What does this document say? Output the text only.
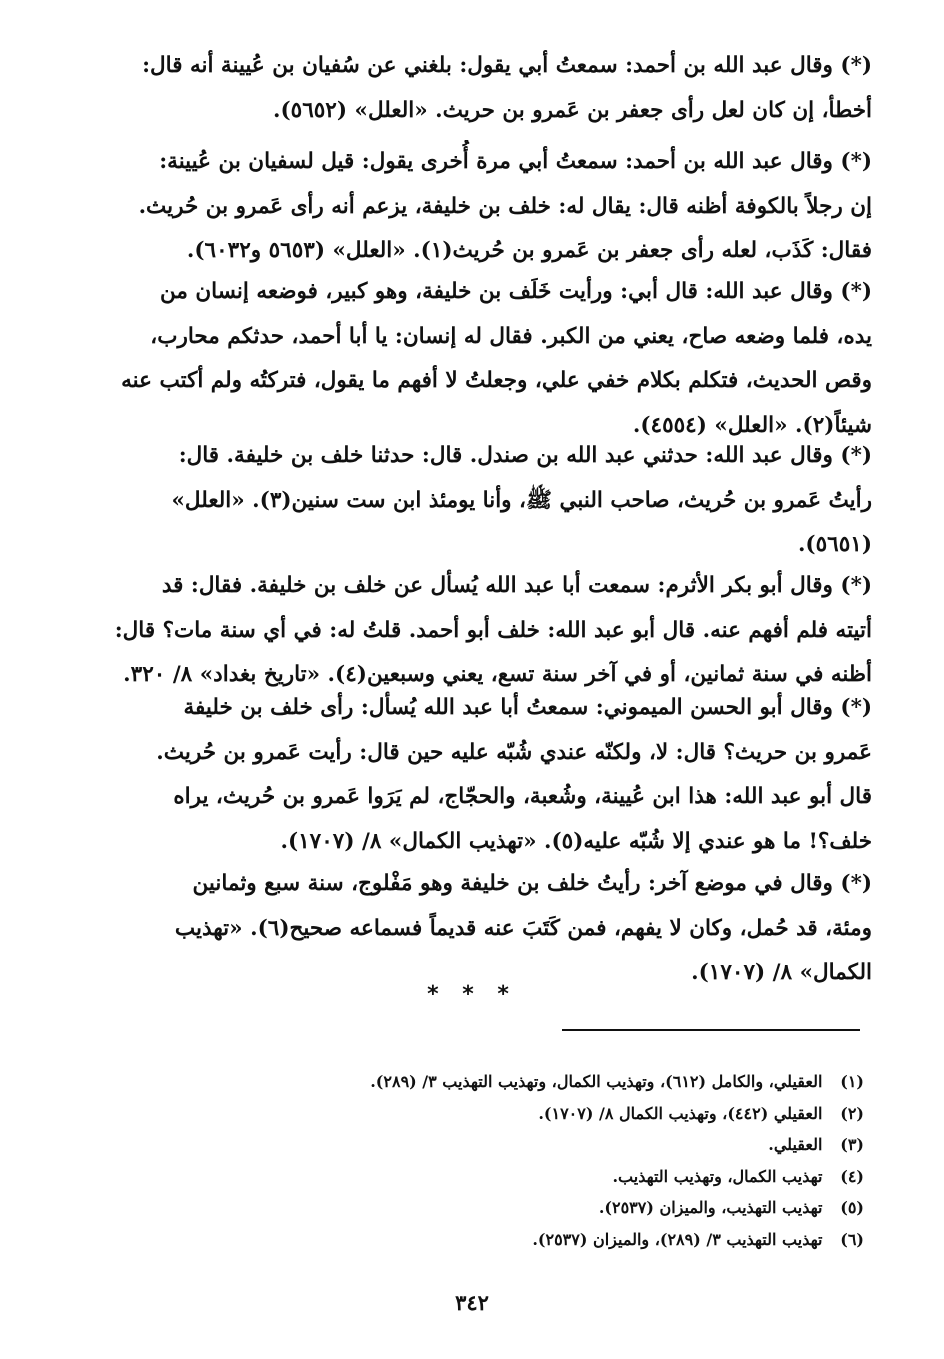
(*) وقال عبد الله بن أحمد: سمعتُ أبي يقول: بلغني عن سُفيان بن عُيينة أنه قال:
أخطأ، إن كان لعل رأى جعفر بن عَمرو بن حريث. «العلل» (٥٦٥٢).

(*) وقال عبد الله بن أحمد: سمعتُ أبي مرة أُخرى يقول: قيل لسفيان بن عُيينة:
إن رجلاً بالكوفة أظنه قال: يقال له: خلف بن خليفة، يزعم أنه رأى عَمرو بن حُريث.
فقال: كَذَب، لعله رأى جعفر بن عَمرو بن حُريث(١). «العلل» (٥٦٥٣ و٦٠٣٢).

(*) وقال عبد الله: قال أبي: ورأيت خَلَف بن خليفة، وهو كبير، فوضعه إنسان من
يده، فلما وضعه صاح، يعني من الكبر. فقال له إنسان: يا أبا أحمد، حدثكم محارب،
وقص الحديث، فتكلم بكلام خفي علي، وجعلتُ لا أفهم ما يقول، فتركتُه ولم أكتب عنه
شيئاً(٢). «العلل» (٤٥٥٤).

(*) وقال عبد الله: حدثني عبد الله بن صندل. قال: حدثنا خلف بن خليفة. قال:
رأيتُ عَمرو بن حُريث، صاحب النبي ﷺ، وأنا يومئذ ابن ست سنين(٣). «العلل»
(٥٦٥١).

(*) وقال أبو بكر الأثرم: سمعت أبا عبد الله يُسأل عن خلف بن خليفة. فقال: قد
أتيته فلم أفهم عنه. قال أبو عبد الله: خلف أبو أحمد. قلتُ له: في أي سنة مات؟ قال:
أظنه في سنة ثمانين، أو في آخر سنة تسع، يعني وسبعين(٤). «تاريخ بغداد» ٨/ ٣٢٠.

(*) وقال أبو الحسن الميموني: سمعتُ أبا عبد الله يُسأل: رأى خلف بن خليفة
عَمرو بن حريث؟ قال: لا، ولكنّه عندي شُبّه عليه حين قال: رأيت عَمرو بن حُريث.
قال أبو عبد الله: هذا ابن عُيينة، وشُعبة، والحجّاج، لم يَرَوا عَمرو بن حُريث، يراه
خلف؟! ما هو عندي إلا شُبّه عليه(٥). «تهذيب الكمال» ٨/ (١٧٠٧).

(*) وقال في موضع آخر: رأيتُ خلف بن خليفة وهو مَفْلوج، سنة سبع وثمانين
ومئة، قد حُمل، وكان لا يفهم، فمن كَتَبَ عنه قديماً فسماعه صحيح(٦). «تهذيب
الكمال» ٨/ (١٧٠٧).

* * *
(١) العقيلي، والكامل (٦١٢)، وتهذيب الكمال، وتهذيب التهذيب ٣/ (٢٨٩).
(٢) العقيلي (٤٤٢)، وتهذيب الكمال ٨/ (١٧٠٧).
(٣) العقيلي.
(٤) تهذيب الكمال، وتهذيب التهذيب.
(٥) تهذيب التهذيب، والميزان (٢٥٣٧).
(٦) تهذيب التهذيب ٣/ (٢٨٩)، والميزان (٢٥٣٧).
٣٤٢
